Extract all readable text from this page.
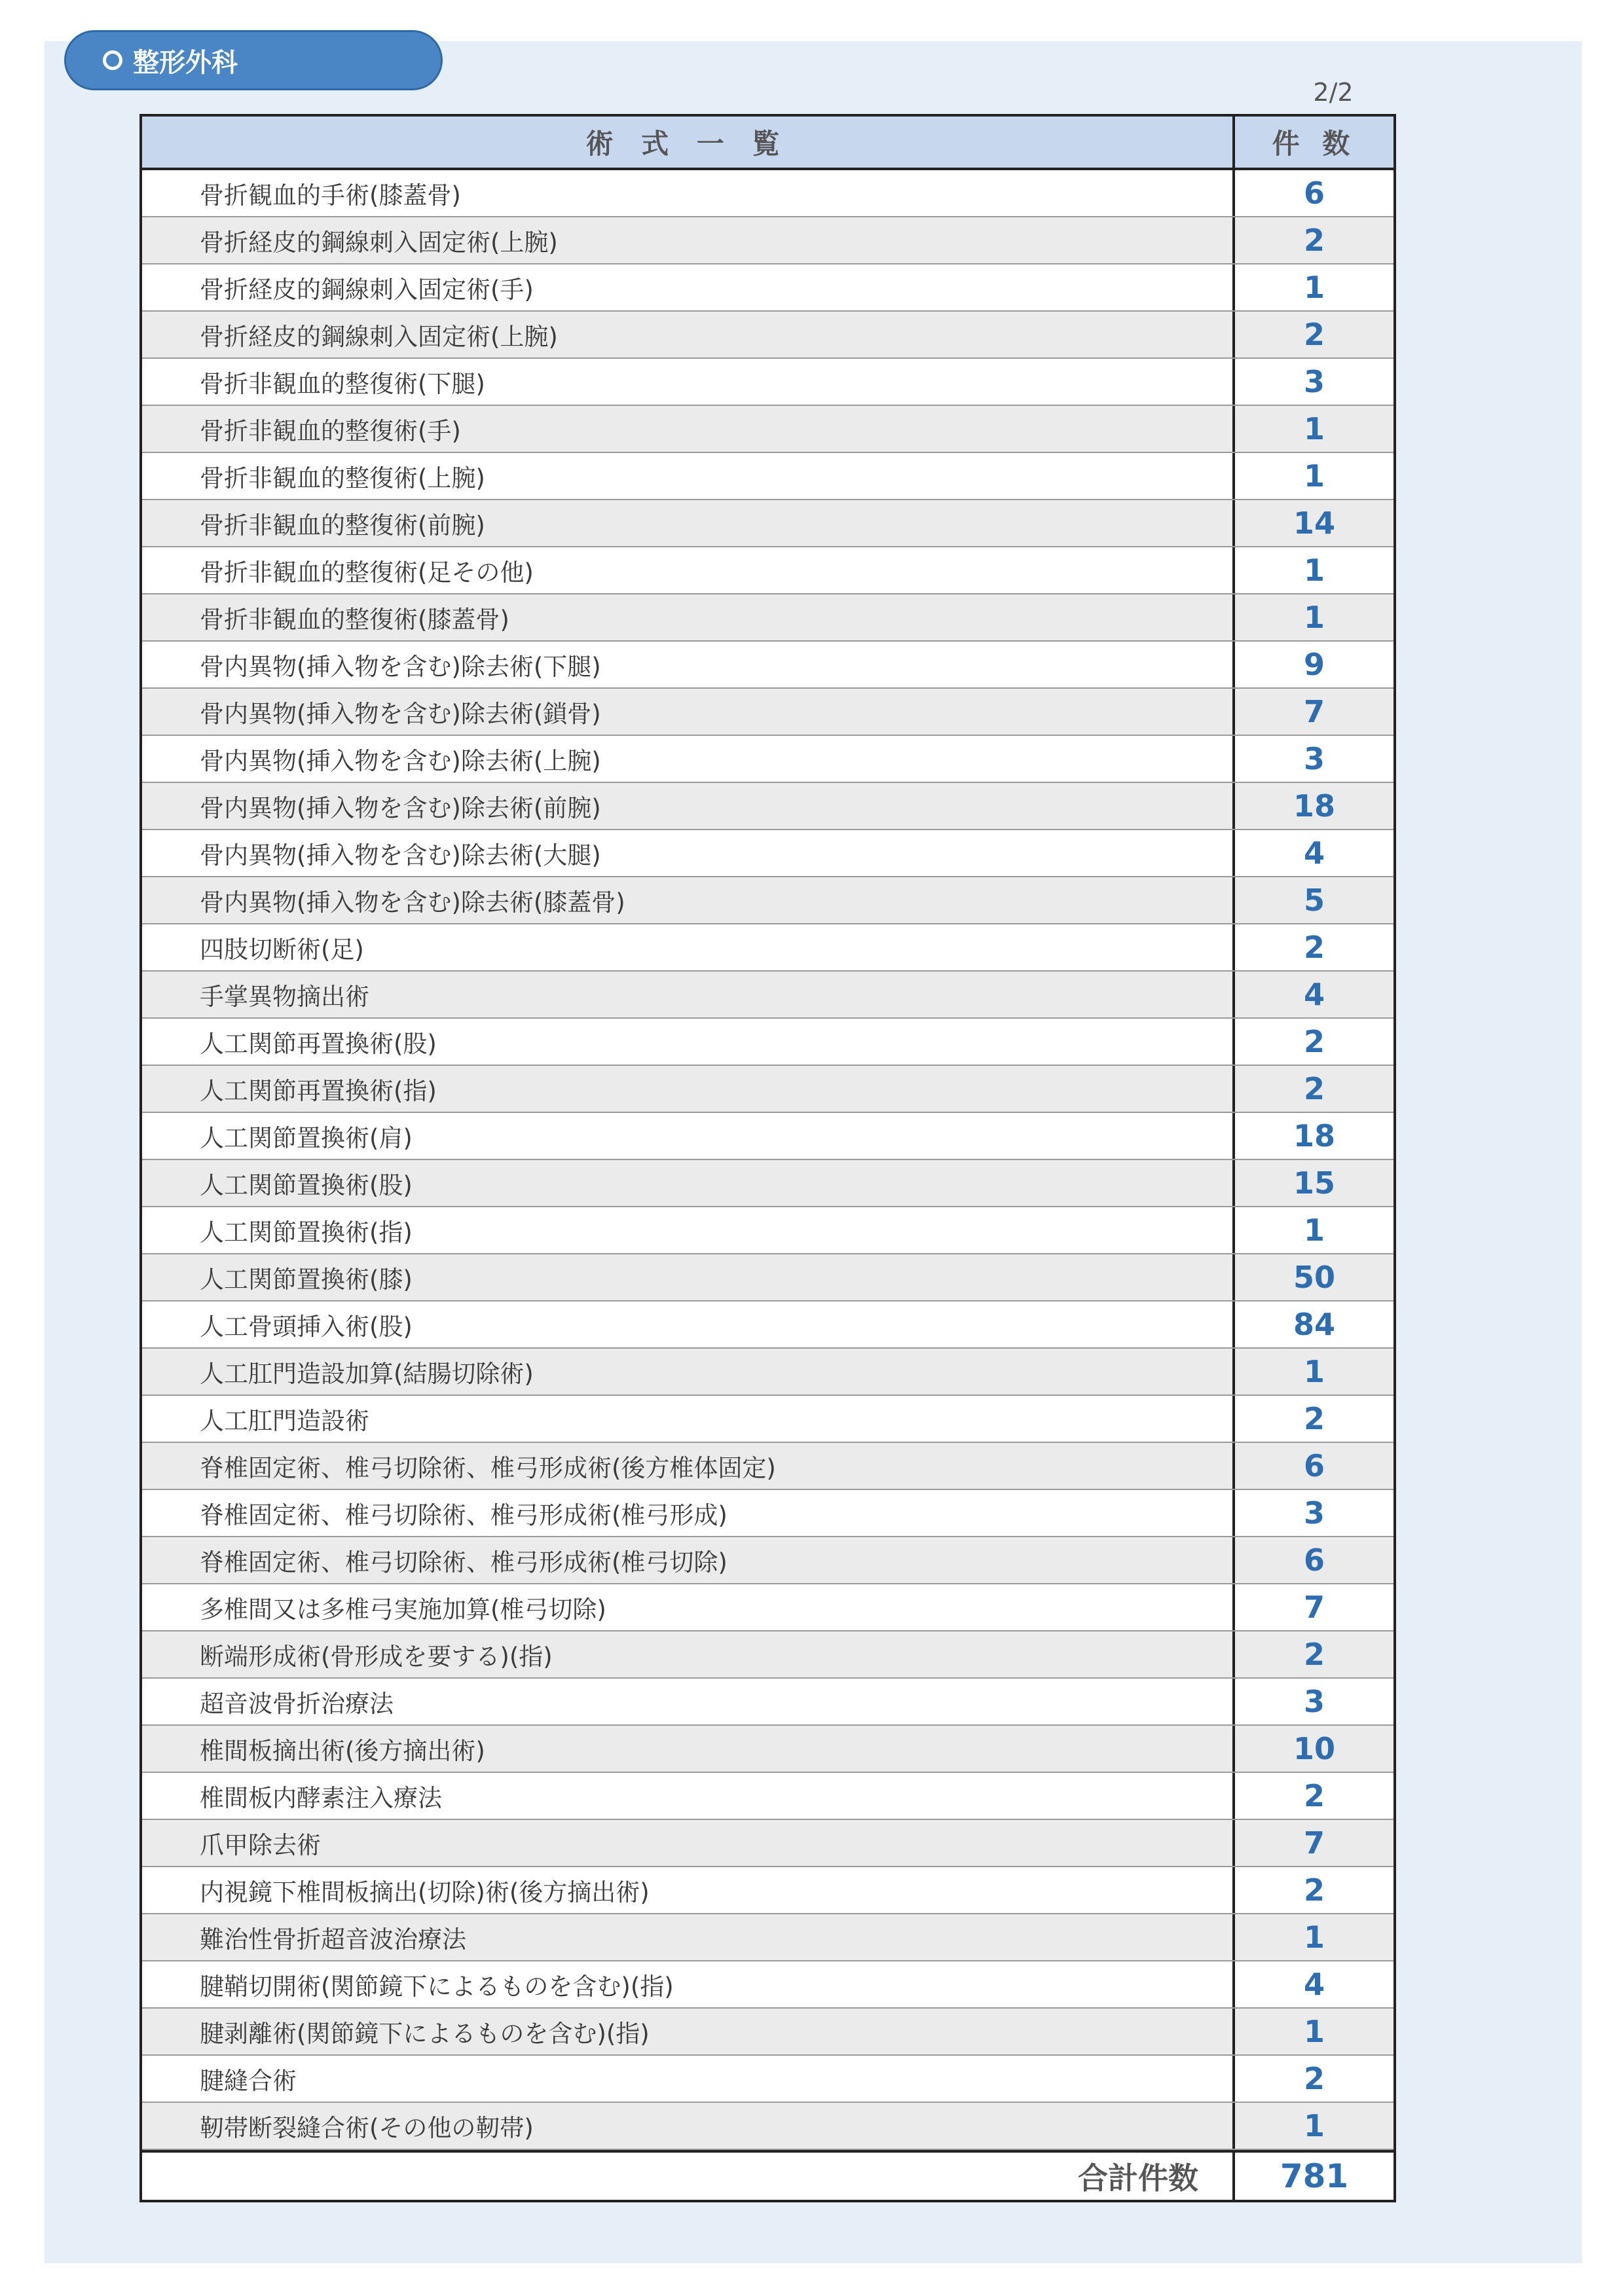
整形外科
2/2
術 式 一 覧	件 数
骨折観血的手術(膝蓋骨)	6
骨折経皮的鋼線刺入固定術(上腕)	2
骨折経皮的鋼線刺入固定術(手)	1
骨折経皮的鋼線刺入固定術(上腕)	2
骨折非観血的整復術(下腿)	3
骨折非観血的整復術(手)	1
骨折非観血的整復術(上腕)	1
骨折非観血的整復術(前腕)	14
骨折非観血的整復術(足その他)	1
骨折非観血的整復術(膝蓋骨)	1
骨内異物(挿入物を含む)除去術(下腿)	9
骨内異物(挿入物を含む)除去術(鎖骨)	7
骨内異物(挿入物を含む)除去術(上腕)	3
骨内異物(挿入物を含む)除去術(前腕)	18
骨内異物(挿入物を含む)除去術(大腿)	4
骨内異物(挿入物を含む)除去術(膝蓋骨)	5
四肢切断術(足)	2
手掌異物摘出術	4
人工関節再置換術(股)	2
人工関節再置換術(指)	2
人工関節置換術(肩)	18
人工関節置換術(股)	15
人工関節置換術(指)	1
人工関節置換術(膝)	50
人工骨頭挿入術(股)	84
人工肛門造設加算(結腸切除術)	1
人工肛門造設術	2
脊椎固定術、椎弓切除術、椎弓形成術(後方椎体固定)	6
脊椎固定術、椎弓切除術、椎弓形成術(椎弓形成)	3
脊椎固定術、椎弓切除術、椎弓形成術(椎弓切除)	6
多椎間又は多椎弓実施加算(椎弓切除)	7
断端形成術(骨形成を要する)(指)	2
超音波骨折治療法	3
椎間板摘出術(後方摘出術)	10
椎間板内酵素注入療法	2
爪甲除去術	7
内視鏡下椎間板摘出(切除)術(後方摘出術)	2
難治性骨折超音波治療法	1
腱鞘切開術(関節鏡下によるものを含む)(指)	4
腱剥離術(関節鏡下によるものを含む)(指)	1
腱縫合術	2
靭帯断裂縫合術(その他の靭帯)	1
合計件数	781
